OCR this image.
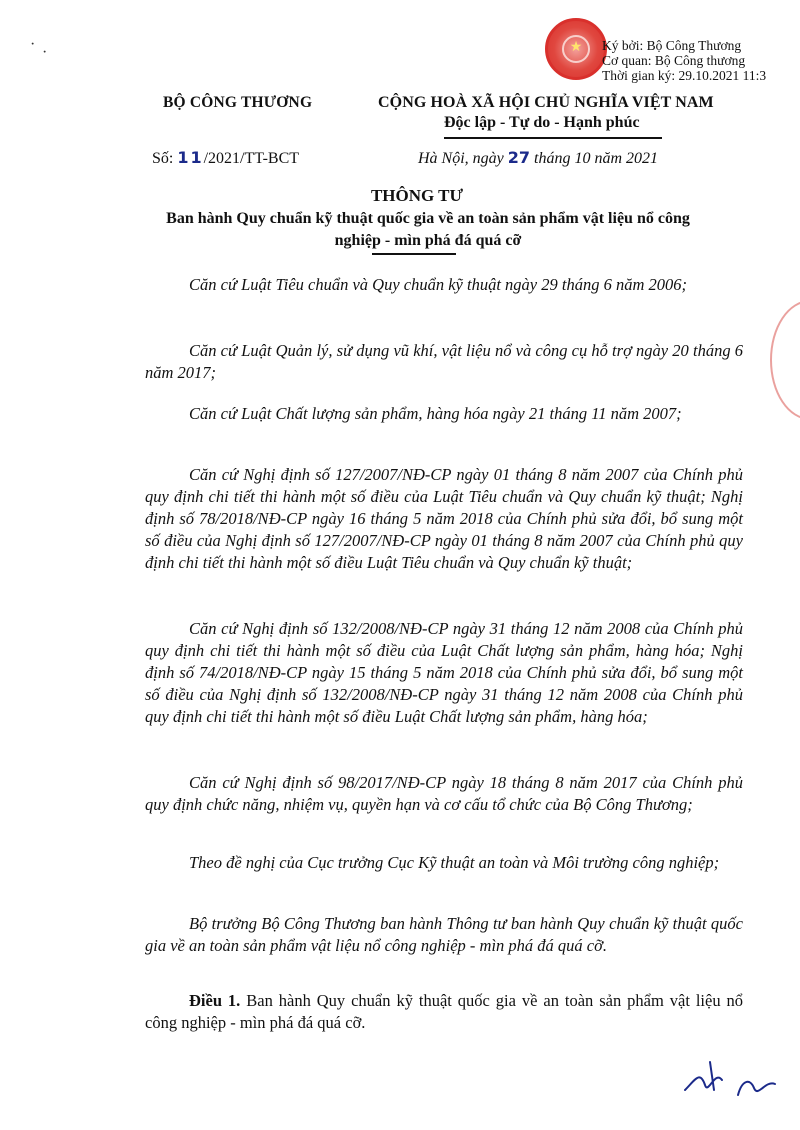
★	Ký bởi: Bộ Công Thương
Cơ quan: Bộ Công thương
Thời gian ký: 29.10.2021 11:3
· ·
BỘ CÔNG THƯƠNG	CỘNG HOÀ XÃ HỘI CHỦ NGHĨA VIỆT NAM
Độc lập - Tự do - Hạnh phúc
Số: 11/2021/TT-BCT	Hà Nội, ngày 27 tháng 10 năm 2021
THÔNG TƯ
Ban hành Quy chuẩn kỹ thuật quốc gia về an toàn sản phẩm vật liệu nổ công nghiệp - mìn phá đá quá cỡ
Căn cứ Luật Tiêu chuẩn và Quy chuẩn kỹ thuật ngày 29 tháng 6 năm 2006;
Căn cứ Luật Quản lý, sử dụng vũ khí, vật liệu nổ và công cụ hỗ trợ ngày 20 tháng 6 năm 2017;
Căn cứ Luật Chất lượng sản phẩm, hàng hóa ngày 21 tháng 11 năm 2007;
Căn cứ Nghị định số 127/2007/NĐ-CP ngày 01 tháng 8 năm 2007 của Chính phủ quy định chi tiết thi hành một số điều của Luật Tiêu chuẩn và Quy chuẩn kỹ thuật; Nghị định số 78/2018/NĐ-CP ngày 16 tháng 5 năm 2018 của Chính phủ sửa đổi, bổ sung một số điều của Nghị định số 127/2007/NĐ-CP ngày 01 tháng 8 năm 2007 của Chính phủ quy định chi tiết thi hành một số điều Luật Tiêu chuẩn và Quy chuẩn kỹ thuật;
Căn cứ Nghị định số 132/2008/NĐ-CP ngày 31 tháng 12 năm 2008 của Chính phủ quy định chi tiết thi hành một số điều của Luật Chất lượng sản phẩm, hàng hóa; Nghị định số 74/2018/NĐ-CP ngày 15 tháng 5 năm 2018 của Chính phủ sửa đổi, bổ sung một số điều của Nghị định số 132/2008/NĐ-CP ngày 31 tháng 12 năm 2008 của Chính phủ quy định chi tiết thi hành một số điều Luật Chất lượng sản phẩm, hàng hóa;
Căn cứ Nghị định số 98/2017/NĐ-CP ngày 18 tháng 8 năm 2017 của Chính phủ quy định chức năng, nhiệm vụ, quyền hạn và cơ cấu tổ chức của Bộ Công Thương;
Theo đề nghị của Cục trưởng Cục Kỹ thuật an toàn và Môi trường công nghiệp;
Bộ trưởng Bộ Công Thương ban hành Thông tư ban hành Quy chuẩn kỹ thuật quốc gia về an toàn sản phẩm vật liệu nổ công nghiệp - mìn phá đá quá cỡ.
Điều 1. Ban hành Quy chuẩn kỹ thuật quốc gia về an toàn sản phẩm vật liệu nổ công nghiệp - mìn phá đá quá cỡ.
